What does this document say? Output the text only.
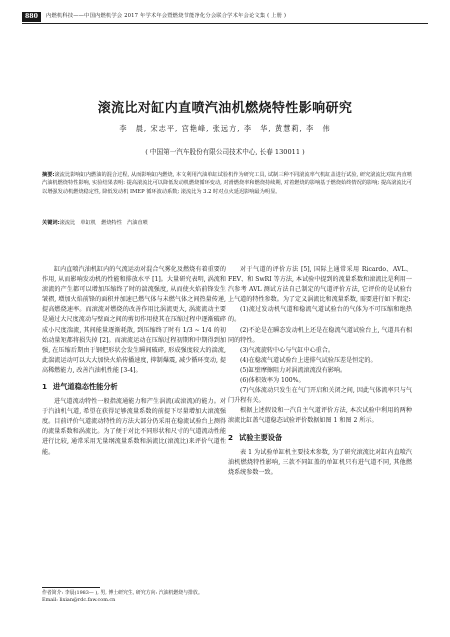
880	内燃机科技——中国内燃机学会 2017 年学术年会暨燃烧节能净化分会联合学术年会论文集 ( 上册 )
滚流比对缸内直喷汽油机燃烧特性影响研究
李　晨, 宋志平, 宫艳峰, 张远方, 李　华, 黄慧莉, 李　伟
( 中国第一汽车股份有限公司技术中心, 长春 130011 )
摘要:滚流比影响缸内燃油的混合过程, 从而影响缸内燃烧, 本文利用汽油单缸试验机作为研究工具, 试制三种不同滚流率气机缸盖进行试验, 研究滚流比对缸内直喷汽油机燃烧特性影响, 实验结果表明: 提高滚流比可以降低发动机燃烧循环变动, 对滑燃烧率和燃烧持续期, 对着燃烧的影响基于燃烧始终情况的影响; 提高滚流比可以增强发动机燃烧稳定性, 降低发动机 IMEP 循环波动系数; 滚流比为 3.2 时对点火延迟影响最为明显。
关键词:滚流比　单缸机　燃烧特性　汽油直喷

缸内直喷汽油机缸内的气流运动对混合气雾化及燃烧有着重要的作用, 从而影响发动机的性能和排放水平 [1]。大量研究表明, 涡流和滚流的产生都可以增加压缩终了时的湍流强度, 从而使火焰前锋发生皱褶, 增加火焰前锋的面积并加速已燃气体与未燃气体之间热量传递, 提高燃烧速率。而滚流对燃烧的改善作用比涡流更大, 涡流流动主要是通过大尺度流动与壁面之间的剪切作用使其在压缩过程中逐渐破碎成小尺度湍流, 其间能量逐渐耗散, 到压缩终了时有 1/3 ~ 1/4 的初始动量矩都将损失掉 [2]。而滚流运动在压缩过程初期和中期得到加强, 在压缩后期由于钢把形状会发生瞬间破碎, 形成强度较大的湍流, 此湍流运动可以大大加快火焰传播速度, 抑制爆震, 减少循环变动, 提高稀燃能力, 改善汽油机性能 [3-4]。

1 进气道稳态性能分析

进气道流动特性一般指流通能力和产生涡流(或滚流)的能力。对于汽油机气道, 希望在获得足够流量系数的前提下尽量增加大滚流强度。目前评价气道流动特性的方法大部分仍采用在稳流试验台上测得的流量系数和涡流比。为了便于对比不同形状和尺寸的气道流动性能进行比较, 通常采用无量纲流量系数和涡流比(滚流比)来评价气道性能。

对于气道的评价方法 [5], 国际上通常采用 Ricardo、AVL、FEV、和 SwRI 等方法, 本试验中提到的流量系数和滚流比是利用一汽参考 AVL 测试方法自己制定的气道评价方法, 它评价的是试验台上气道的特性参数。为了定义涡流比和流量系数, 需要进行如下假定:

(1)流过发动机气道和稳流气道试验台的气体为不可压缩和绝热的。

(2)不论是在瞬态发动机上还是在稳流气道试验台上, 气道具有相同的特性。

(3)气流旋转中心与气缸中心重合。

(4)在稳流气道试验台上进排气试验压差是恒定的。

(5)缸壁摩擦阻力对涡流滚流没有影响。

(6)体积效率为 100%。

(7)气体流动只发生在气门开启和关闭之间, 因此气体流率只与气门升程有关。

根据上述假设和一汽自主气道评价方法, 本次试验中利用的两种滚流比缸盖气道稳态试验评价数据如图 1 和图 2 所示。

2 试验主要设备

表 1 为试验单缸机主要技术参数, 为了研究滚流比对缸内直喷汽油机燃烧特性影响, 三款不同缸盖的单缸机只有进气道不同, 其他燃烧系统参数一致。

作者简介: 李晨(1983— ), 男, 博士研究生, 研究方向: 汽油机燃烧与排放。
Email: lixian@rdc.faw.com.cn
